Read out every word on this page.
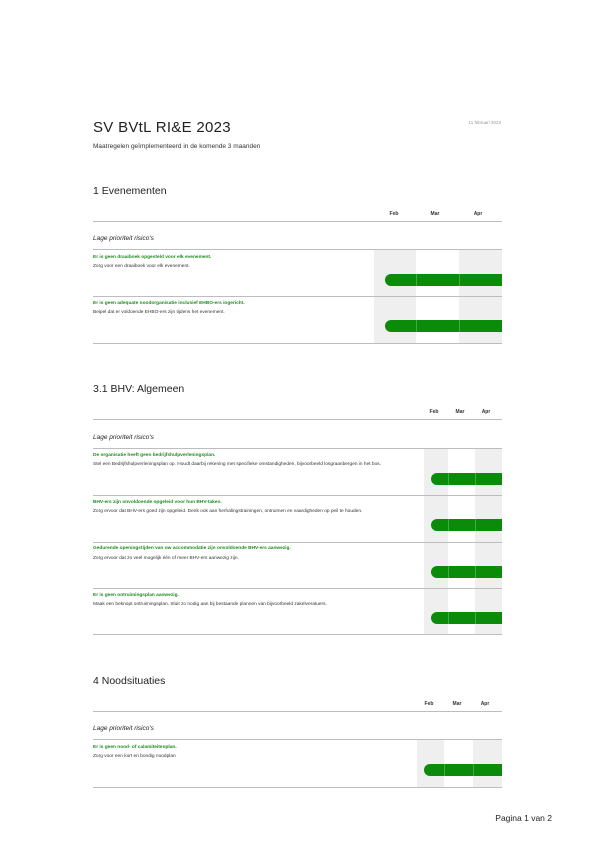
SV BVtL RI&E 2023	11 februari 2023
Maatregelen geïmplementeerd in de komende 3 maanden
1 Evenementen
Feb	Mar	Apr
Lage prioriteit risico's
Er is geen draaiboek opgesteld voor elk evenement.
Zorg voor een draaiboek voor elk evenement.
Er is geen adequate noodorganisatie inclusief EHBO-ers ingericht.
Beipel dat er voldoende EHBO-ers zijn tijdens het evenement.
3.1 BHV: Algemeen
Feb	Mar	Apr
Lage prioriteit risico's
De organisatie heeft geen bedrijfshulpverleningsplan.
Stel een Bedrijfshulpverleningsplan op. Houdt daarbij rekening met specifieke omstandigheden, bijvoorbeeld losgraanbergen in het bos.
BHV-ers zijn onvoldoende opgeleid voor hun BHV-taken.
Zorg ervoor dat BHV-ers goed zijn opgeleid. Denk ook aan herhalingstrainingen, ontruimen en vaardigheden op peil te houden.
Gedurende openingstijden van uw accommodatie zijn onvoldoende BHV-ers aanwezig.
Zorg ervoor dat zo veel mogelijk één of meer BHV-ers aanwezig zijn.
Er is geen ontruimingsplan aanwezig.
Maak een beknopt ontruimingsplan. Sluit zo nodig aan bij bestaande plannen van bijvoorbeeld zakelveratuers.
4 Noodsituaties
Feb	Mar	Apr
Lage prioriteit risico's
Er is geen nood- of calamiteitenplan.
Zorg voor een kort en bondig noodplan
Pagina 1 van 2
